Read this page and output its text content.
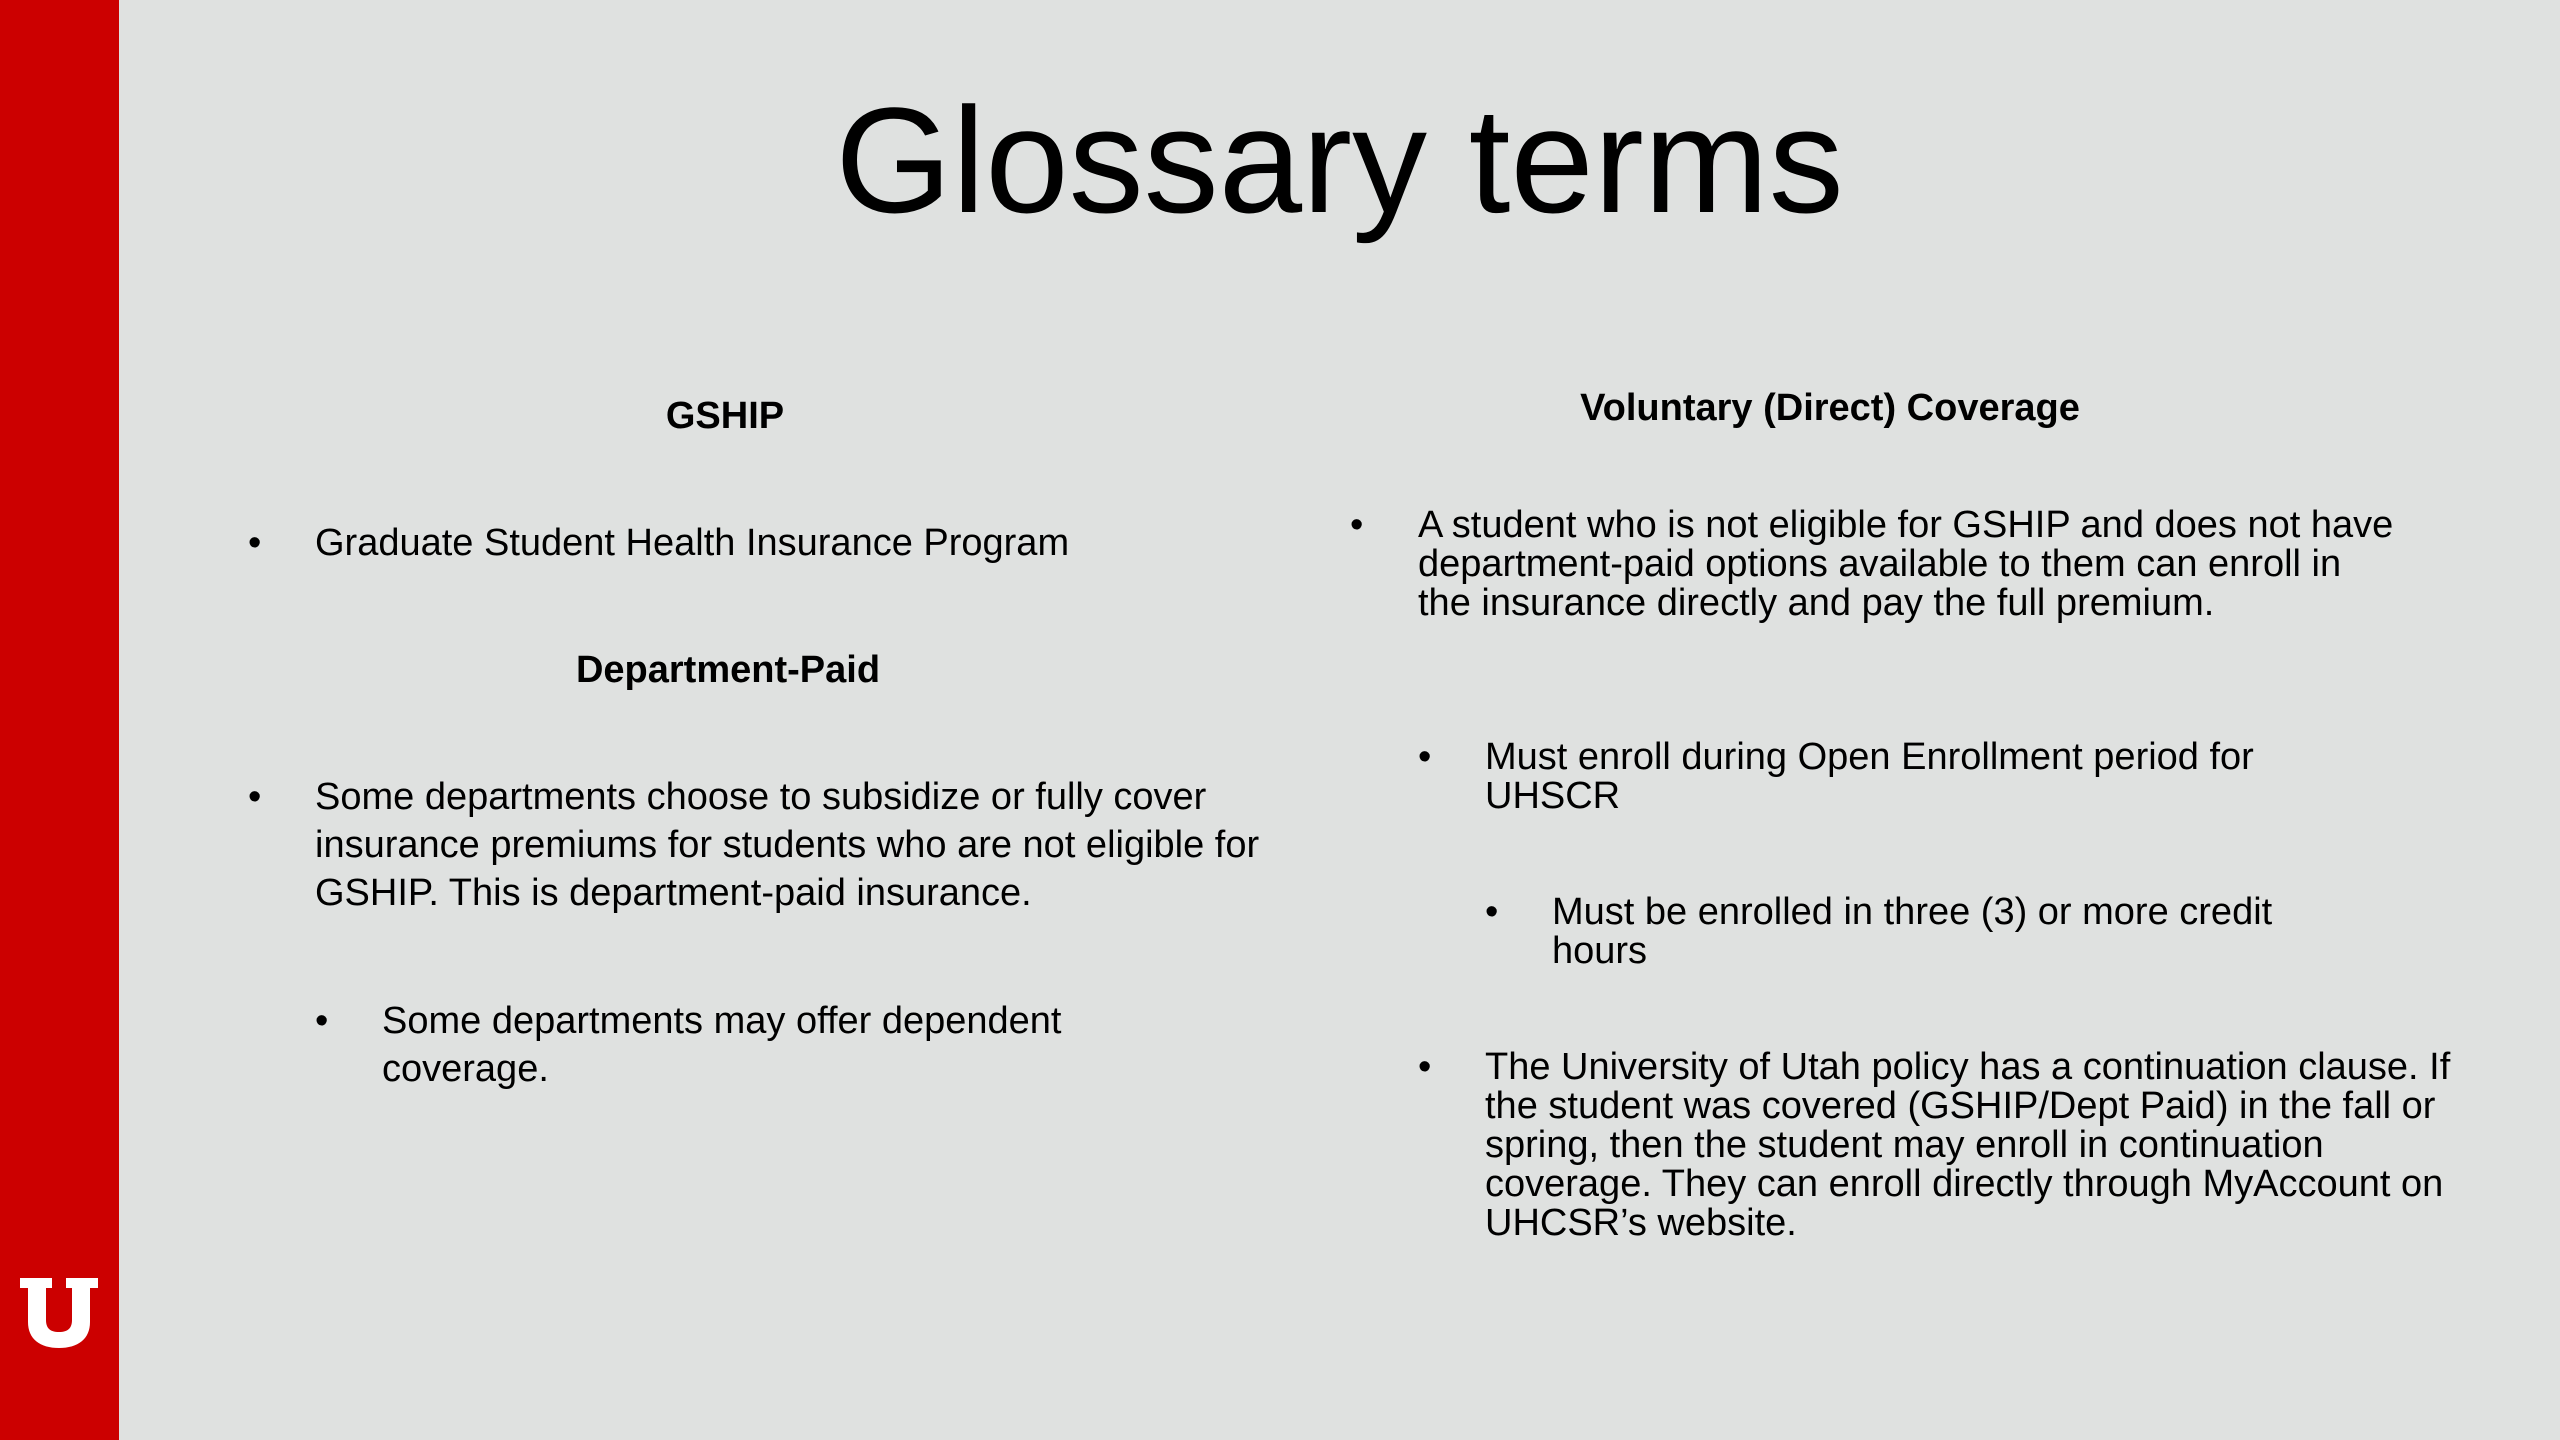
Glossary terms
GSHIP
• Graduate Student Health Insurance Program

Department-Paid
• Some departments choose to subsidize or fully cover insurance premiums for students who are not eligible for GSHIP. This is department-paid insurance.

• Some departments may offer dependent coverage.

Voluntary (Direct) Coverage
• A student who is not eligible for GSHIP and does not have department-paid options available to them can enroll in the insurance directly and pay the full premium.

• Must enroll during Open Enrollment period for UHSCR

• Must be enrolled in three (3) or more credit hours

• The University of Utah policy has a continuation clause. If the student was covered (GSHIP/Dept Paid) in the fall or spring, then the student may enroll in continuation coverage. They can enroll directly through MyAccount on UHCSR’s website.
